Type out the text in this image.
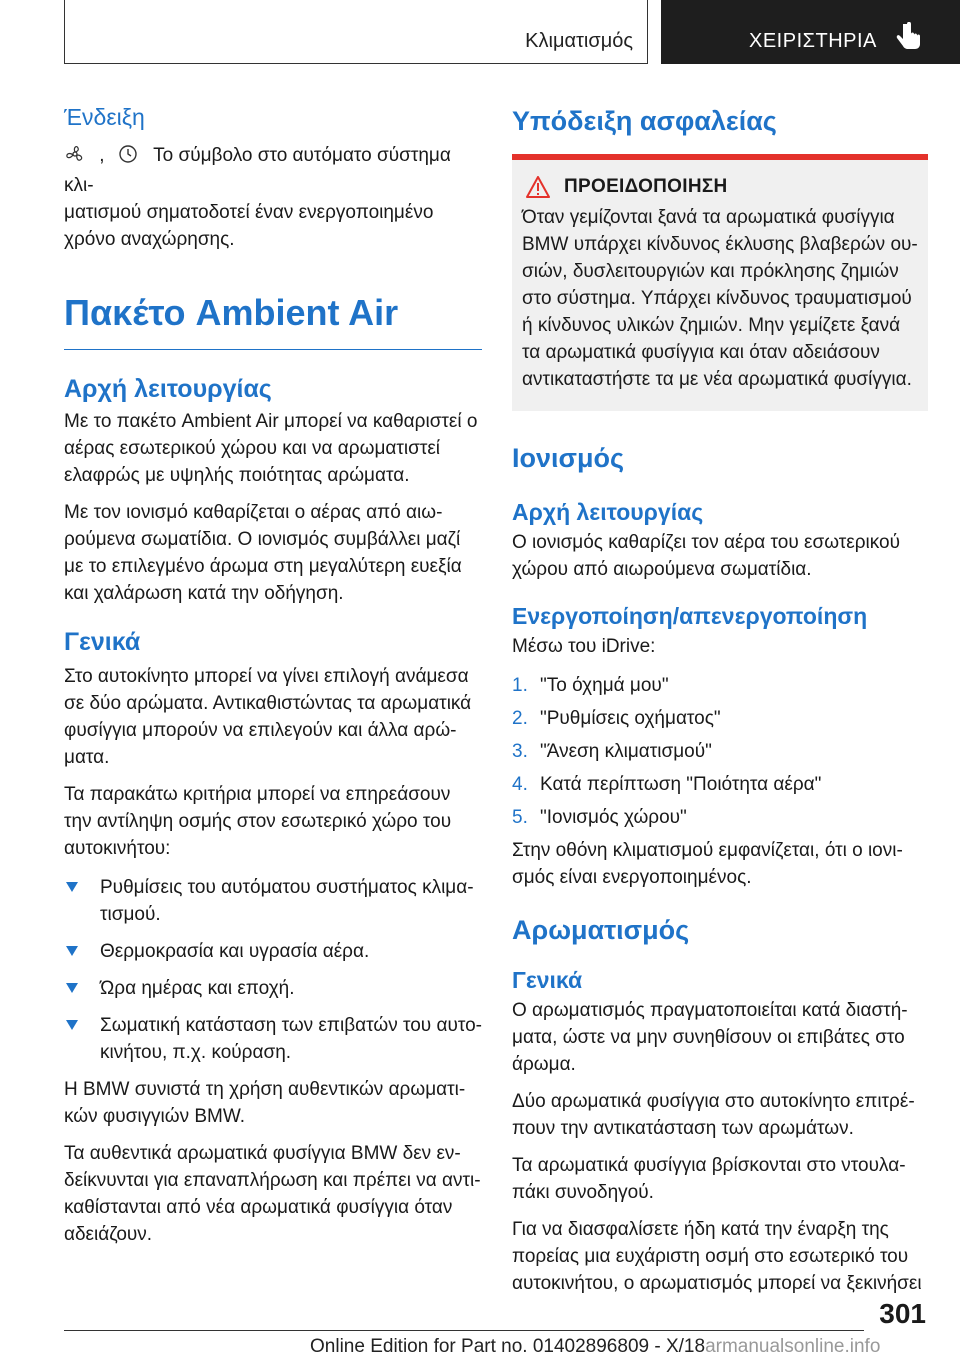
Κλιματισμός	ΧΕΙΡΙΣΤΗΡΙΑ
Ένδειξη
,	Το σύμβολο στο αυτόματο σύστημα κλι-
ματισμού σηματοδοτεί έναν ενεργοποιημένο
χρόνο αναχώρησης.
Πακέτο Ambient Air
Αρχή λειτουργίας

Με το πακέτο Ambient Air μπορεί να καθαριστεί ο αέρας εσωτερικού χώρου και να αρωματιστεί ελαφρώς με υψηλής ποιότητας αρώματα.

Με τον ιονισμό καθαρίζεται ο αέρας από αιωρούμενα σωματίδια. Ο ιονισμός συμβάλλει μαζί με το επιλεγμένο άρωμα στη μεγαλύτερη ευεξία και χαλάρωση κατά την οδήγηση.

Γενικά

Στο αυτοκίνητο μπορεί να γίνει επιλογή ανάμεσα σε δύο αρώματα. Αντικαθιστώντας τα αρωματικά φυσίγγια μπορούν να επιλεγούν και άλλα αρώματα.

Τα παρακάτω κριτήρια μπορεί να επηρεάσουν την αντίληψη οσμής στον εσωτερικό χώρο του αυτοκινήτου:

Ρυθμίσεις του αυτόματου συστήματος κλιματισμού.
Θερμοκρασία και υγρασία αέρα.
Ώρα ημέρας και εποχή.
Σωματική κατάσταση των επιβατών του αυτοκινήτου, π.χ. κούραση.

Η BMW συνιστά τη χρήση αυθεντικών αρωματικών φυσιγγιών BMW.

Τα αυθεντικά αρωματικά φυσίγγια BMW δεν ενδείκνυνται για επαναπλήρωση και πρέπει να αντικαθίστανται από νέα αρωματικά φυσίγγια όταν αδειάζουν.

Υπόδειξη ασφαλείας
ΠΡΟΕΙΔΟΠΟΙΗΣΗ

Όταν γεμίζονται ξανά τα αρωματικά φυσίγγια BMW υπάρχει κίνδυνος έκλυσης βλαβερών ουσιών, δυσλειτουργιών και πρόκλησης ζημιών στο σύστημα. Υπάρχει κίνδυνος τραυματισμού ή κίνδυνος υλικών ζημιών. Μην γεμίζετε ξανά τα αρωματικά φυσίγγια και όταν αδειάσουν αντικαταστήστε τα με νέα αρωματικά φυσίγγια.

Ιονισμός
Αρχή λειτουργίας

Ο ιονισμός καθαρίζει τον αέρα του εσωτερικού χώρου από αιωρούμενα σωματίδια.

Ενεργοποίηση/απενεργοποίηση

Μέσω του iDrive:

1. "Το όχημά μου"
2. "Ρυθμίσεις οχήματος"
3. "Άνεση κλιματισμού"
4. Κατά περίπτωση "Ποιότητα αέρα"
5. "Ιονισμός χώρου"

Στην οθόνη κλιματισμού εμφανίζεται, ότι ο ιονισμός είναι ενεργοποιημένος.

Αρωματισμός
Γενικά

Ο αρωματισμός πραγματοποιείται κατά διαστήματα, ώστε να μην συνηθίσουν οι επιβάτες στο άρωμα.

Δύο αρωματικά φυσίγγια στο αυτοκίνητο επιτρέπουν την αντικατάσταση των αρωμάτων.

Τα αρωματικά φυσίγγια βρίσκονται στο ντουλαπάκι συνοδηγού.

Για να διασφαλίσετε ήδη κατά την έναρξη της πορείας μια ευχάριστη οσμή στο εσωτερικό του αυτοκινήτου, ο αρωματισμός μπορεί να ξεκινήσει

301
Online Edition for Part no. 01402896809 - X/18armanualsonline.info
